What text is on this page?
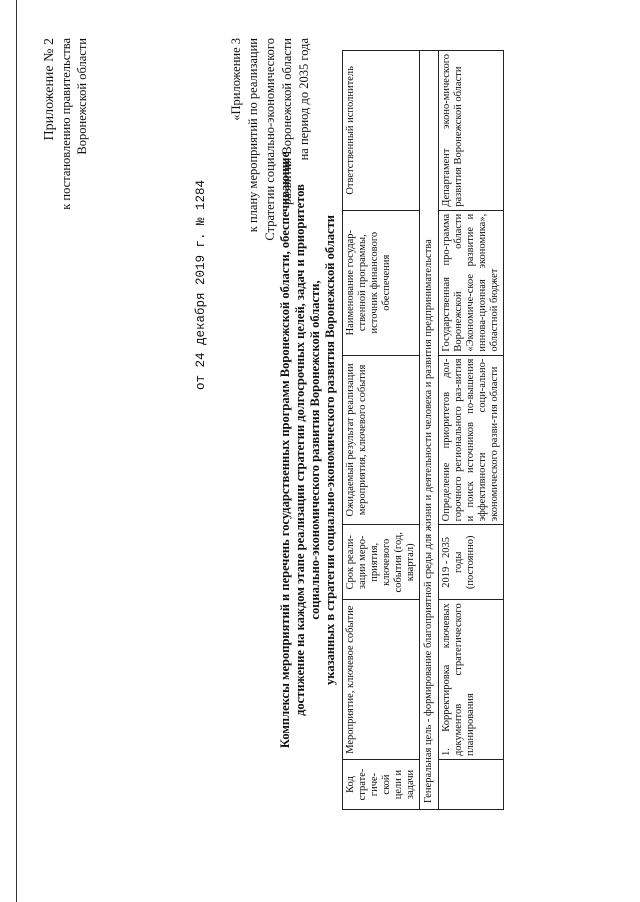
Приложение № 2 к постановлению правительства Воронежской области
от 24 декабря 2019 г. № 1284
«Приложение 3 к плану мероприятий по реализации Стратегии социально-экономического развития Воронежской области на период до 2035 года
Комплексы мероприятий и перечень государственных программ Воронежской области, обеспечивающие достижение на каждом этапе реализации стратегии долгосрочных целей, задач и приоритетов социально-экономического развития Воронежской области, указанных в стратегии социально-экономического развития Воронежской области
Код страте-гиче-ской цели и задачи	Мероприятие, ключевое событие	Срок реали-зации меро-приятия, ключевого события (год, квартал)	Ожидаемый результат реализации мероприятия, ключевого события	Наименование государ-ственной программы, источник финансового обеспечения	Ответственный исполнитель
Генеральная цель - формирование благоприятной среды для жизни и деятельности человека и развития предпринимательства					
	1. Корректировка ключевых документов стратегического планирования	2019 - 2035 годы (постоянно)	Определение приоритетов дол-горочного регионального раз-вития и поиск источников по-вышения эффективности соци-ально-экономического разви-тия области	Государственная про-грамма Воронежской области «Экономиче-ское развитие и иннова-ционная экономика», областной бюджет	Департамент эконо-мического развития Воронежской области
